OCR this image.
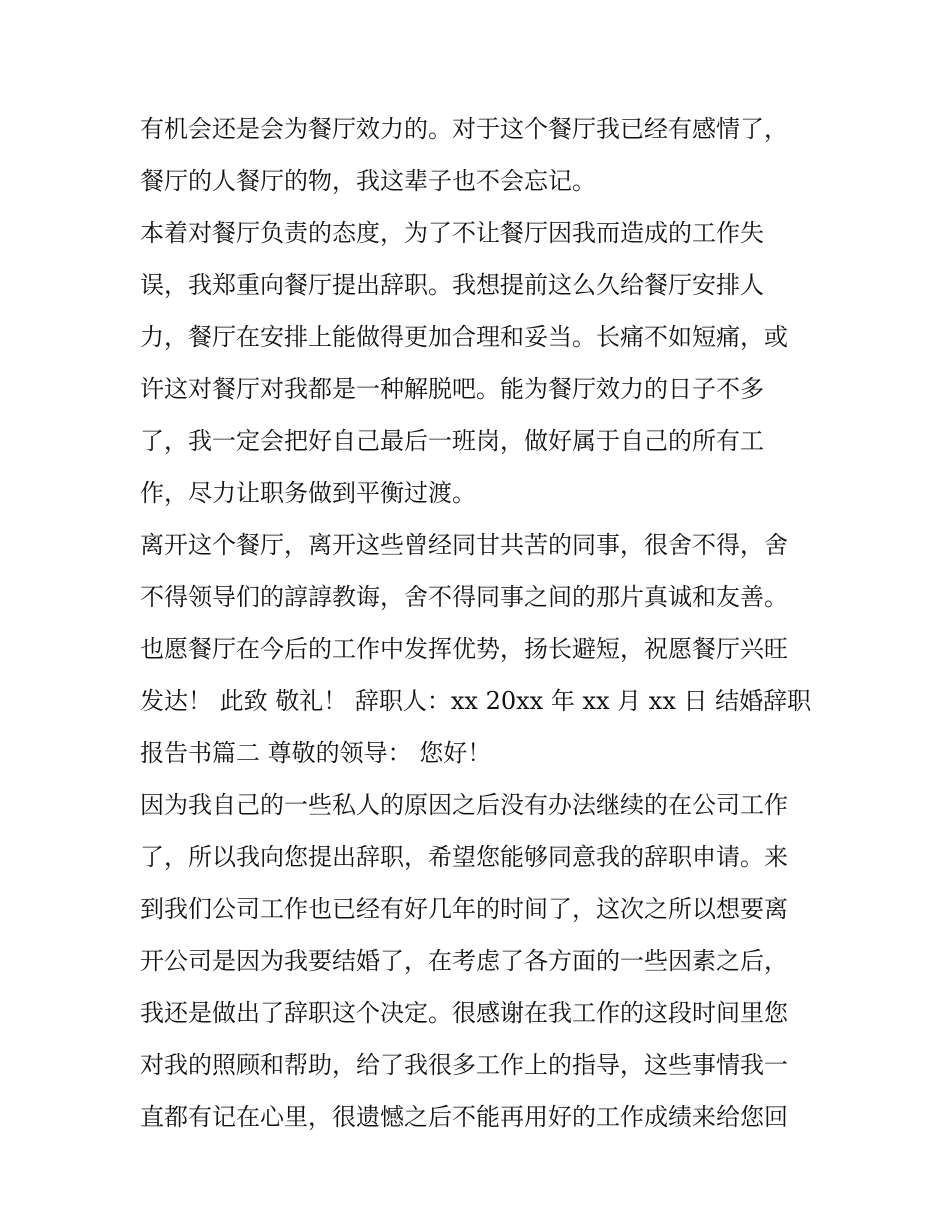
有机会还是会为餐厅效力的。对于这个餐厅我已经有感情了，
餐厅的人餐厅的物，我这辈子也不会忘记。
本着对餐厅负责的态度，为了不让餐厅因我而造成的工作失
误，我郑重向餐厅提出辞职。我想提前这么久给餐厅安排人
力，餐厅在安排上能做得更加合理和妥当。长痛不如短痛，或
许这对餐厅对我都是一种解脱吧。能为餐厅效力的日子不多
了，我一定会把好自己最后一班岗，做好属于自己的所有工
作，尽力让职务做到平衡过渡。
离开这个餐厅，离开这些曾经同甘共苦的同事，很舍不得，舍
不得领导们的諄諄教诲，舍不得同事之间的那片真诚和友善。
也愿餐厅在今后的工作中发挥优势，扬长避短，祝愿餐厅兴旺
发达！ 此致 敬礼！ 辞职人：xx 20xx 年 xx 月 xx 日 结婚辞职
报告书篇二 尊敬的领导： 您好！
因为我自己的一些私人的原因之后没有办法继续的在公司工作
了，所以我向您提出辞职，希望您能够同意我的辞职申请。来
到我们公司工作也已经有好几年的时间了，这次之所以想要离
开公司是因为我要结婚了，在考虑了各方面的一些因素之后，
我还是做出了辞职这个决定。很感谢在我工作的这段时间里您
对我的照顾和帮助，给了我很多工作上的指导，这些事情我一
直都有记在心里，很遗憾之后不能再用好的工作成绩来给您回
